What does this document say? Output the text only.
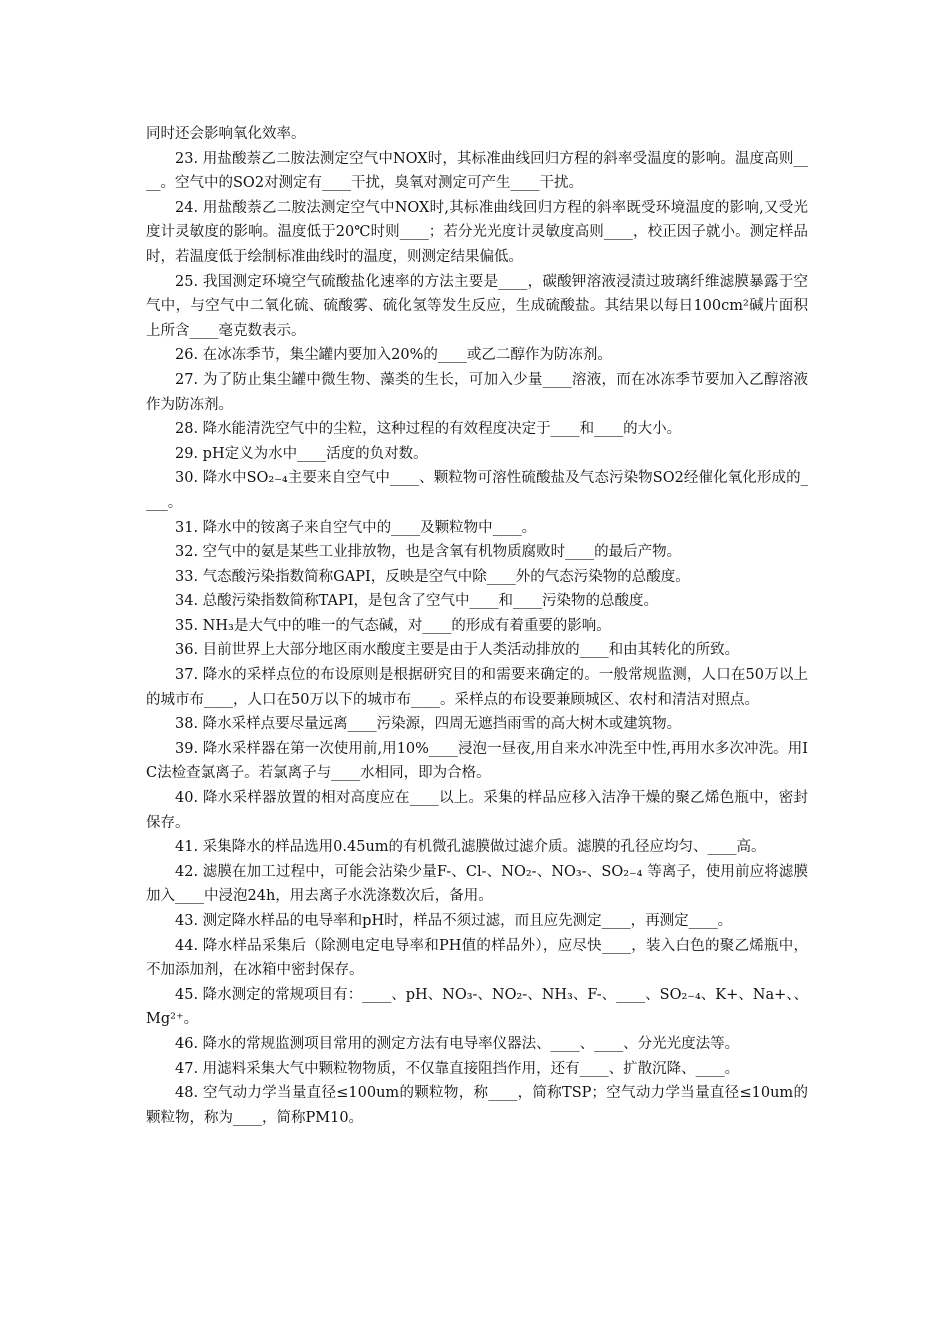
同时还会影响氧化效率。

23. 用盐酸萘乙二胺法测定空气中NOX时，其标准曲线回归方程的斜率受温度的影响。温度高则____。空气中的SO2对测定有____干扰，臭氧对测定可产生____干扰。

24. 用盐酸萘乙二胺法测定空气中NOX时,其标准曲线回归方程的斜率既受环境温度的影响,又受光度计灵敏度的影响。温度低于20℃时则____；若分光光度计灵敏度高则____，校正因子就小。测定样品时，若温度低于绘制标准曲线时的温度，则测定结果偏低。

25. 我国测定环境空气硫酸盐化速率的方法主要是____，碳酸钾溶液浸渍过玻璃纤维滤膜暴露于空气中，与空气中二氧化硫、硫酸雾、硫化氢等发生反应，生成硫酸盐。其结果以每日100cm²碱片面积上所含____毫克数表示。

26. 在冰冻季节，集尘罐内要加入20%的____或乙二醇作为防冻剂。

27. 为了防止集尘罐中微生物、藻类的生长，可加入少量____溶液，而在冰冻季节要加入乙醇溶液作为防冻剂。

28. 降水能清洗空气中的尘粒，这种过程的有效程度决定于____和____的大小。

29. pH定义为水中____活度的负对数。

30. 降水中SO₂₋₄主要来自空气中____、颗粒物可溶性硫酸盐及气态污染物SO2经催化氧化形成的____。

31. 降水中的铵离子来自空气中的____及颗粒物中____。

32. 空气中的氨是某些工业排放物，也是含氧有机物质腐败时____的最后产物。

33. 气态酸污染指数简称GAPI，反映是空气中除____外的气态污染物的总酸度。

34. 总酸污染指数简称TAPI，是包含了空气中____和____污染物的总酸度。

35. NH₃是大气中的唯一的气态碱，对____的形成有着重要的影响。

36. 目前世界上大部分地区雨水酸度主要是由于人类活动排放的____和由其转化的所致。

37. 降水的采样点位的布设原则是根据研究目的和需要来确定的。一般常规监测，人口在50万以上的城市布____，人口在50万以下的城市布____。采样点的布设要兼顾城区、农村和清洁对照点。

38. 降水采样点要尽量远离____污染源，四周无遮挡雨雪的高大树木或建筑物。

39. 降水采样器在第一次使用前,用10%____浸泡一昼夜,用自来水冲洗至中性,再用水多次冲洗。用IC法检查氯离子。若氯离子与____水相同，即为合格。

40. 降水采样器放置的相对高度应在____以上。采集的样品应移入洁净干燥的聚乙烯色瓶中，密封保存。

41. 采集降水的样品选用0.45um的有机微孔滤膜做过滤介质。滤膜的孔径应均匀、____高。

42. 滤膜在加工过程中，可能会沾染少量F-、Cl-、NO₂-、NO₃-、SO₂₋₄ 等离子，使用前应将滤膜加入____中浸泡24h，用去离子水洗涤数次后，备用。

43. 测定降水样品的电导率和pH时，样品不须过滤，而且应先测定____，再测定____。

44. 降水样品采集后（除测电定电导率和PH值的样品外），应尽快____，装入白色的聚乙烯瓶中，不加添加剂，在冰箱中密封保存。

45. 降水测定的常规项目有：____、pH、NO₃-、NO₂-、NH₃、F-、____、SO₂₋₄、K+、Na+、、Mg²⁺。

46. 降水的常规监测项目常用的测定方法有电导率仪器法、____、____、分光光度法等。

47. 用滤料采集大气中颗粒物物质，不仅靠直接阻挡作用，还有____、扩散沉降、____。

48. 空气动力学当量直径≤100um的颗粒物，称____，简称TSP；空气动力学当量直径≤10um的颗粒物，称为____，简称PM10。
